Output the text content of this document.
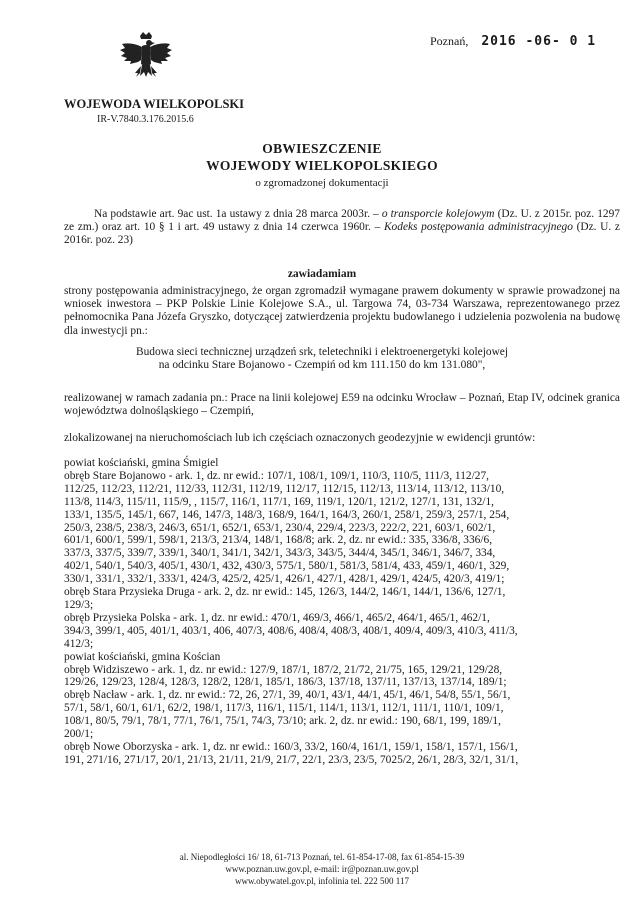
Poznań, 2016 -06- 0 1
WOJEWODA WIELKOPOLSKI
IR-V.7840.3.176.2015.6
OBWIESZCZENIE
WOJEWODY WIELKOPOLSKIEGO
o zgromadzonej dokumentacji

Na podstawie art. 9ac ust. 1a ustawy z dnia 28 marca 2003r. – o transporcie kolejowym (Dz. U. z 2015r. poz. 1297 ze zm.) oraz art. 10 § 1 i art. 49 ustawy z dnia 14 czerwca 1960r. – Kodeks postępowania administracyjnego (Dz. U. z 2016r. poz. 23)

zawiadamiam
strony postępowania administracyjnego, że organ zgromadził wymagane prawem dokumenty w sprawie prowadzonej na wniosek inwestora – PKP Polskie Linie Kolejowe S.A., ul. Targowa 74, 03-734 Warszawa, reprezentowanego przez pełnomocnika Pana Józefa Gryszko, dotyczącej zatwierdzenia projektu budowlanego i udzielenia pozwolenia na budowę dla inwestycji pn.:
Budowa sieci technicznej urządzeń srk, teletechniki i elektroenergetyki kolejowej
na odcinku Stare Bojanowo - Czempiń od km 111.150 do km 131.080",
realizowanej w ramach zadania pn.: Prace na linii kolejowej E59 na odcinku Wrocław – Poznań, Etap IV, odcinek granica województwa dolnośląskiego – Czempiń,
zlokalizowanej na nieruchomościach lub ich częściach oznaczonych geodezyjnie w ewidencji gruntów:
powiat kościański, gmina Śmigiel
obręb Stare Bojanowo - ark. 1, dz. nr ewid.: 107/1, 108/1, 109/1, 110/3, 110/5, 111/3, 112/27,
112/25, 112/23, 112/21, 112/33, 112/31, 112/19, 112/17, 112/15, 112/13, 113/14, 113/12, 113/10,
113/8, 114/3, 115/11, 115/9, , 115/7, 116/1, 117/1, 169, 119/1, 120/1, 121/2, 127/1, 131, 132/1,
133/1, 135/5, 145/1, 667, 146, 147/3, 148/3, 168/9, 164/1, 164/3, 260/1, 258/1, 259/3, 257/1, 254,
250/3, 238/5, 238/3, 246/3, 651/1, 652/1, 653/1, 230/4, 229/4, 223/3, 222/2, 221, 603/1, 602/1,
601/1, 600/1, 599/1, 598/1, 213/3, 213/4, 148/1, 168/8; ark. 2, dz. nr ewid.: 335, 336/8, 336/6,
337/3, 337/5, 339/7, 339/1, 340/1, 341/1, 342/1, 343/3, 343/5, 344/4, 345/1, 346/1, 346/7, 334,
402/1, 540/1, 540/3, 405/1, 430/1, 432, 430/3, 575/1, 580/1, 581/3, 581/4, 433, 459/1, 460/1, 329,
330/1, 331/1, 332/1, 333/1, 424/3, 425/2, 425/1, 426/1, 427/1, 428/1, 429/1, 424/5, 420/3, 419/1;
obręb Stara Przysieka Druga - ark. 2, dz. nr ewid.: 145, 126/3, 144/2, 146/1, 144/1, 136/6, 127/1,
129/3;
obręb Przysieka Polska - ark. 1, dz. nr ewid.: 470/1, 469/3, 466/1, 465/2, 464/1, 465/1, 462/1,
394/3, 399/1, 405, 401/1, 403/1, 406, 407/3, 408/6, 408/4, 408/3, 408/1, 409/4, 409/3, 410/3, 411/3,
412/3;
powiat kościański, gmina Kościan
obręb Widziszewo - ark. 1, dz. nr ewid.: 127/9, 187/1, 187/2, 21/72, 21/75, 165, 129/21, 129/28,
129/26, 129/23, 128/4, 128/3, 128/2, 128/1, 185/1, 186/3, 137/18, 137/11, 137/13, 137/14, 189/1;
obręb Nacław - ark. 1, dz. nr ewid.: 72, 26, 27/1, 39, 40/1, 43/1, 44/1, 45/1, 46/1, 54/8, 55/1, 56/1,
57/1, 58/1, 60/1, 61/1, 62/2, 198/1, 117/3, 116/1, 115/1, 114/1, 113/1, 112/1, 111/1, 110/1, 109/1,
108/1, 80/5, 79/1, 78/1, 77/1, 76/1, 75/1, 74/3, 73/10; ark. 2, dz. nr ewid.: 190, 68/1, 199, 189/1,
200/1;
obręb Nowe Oborzyska - ark. 1, dz. nr ewid.: 160/3, 33/2, 160/4, 161/1, 159/1, 158/1, 157/1, 156/1,
191, 271/16, 271/17, 20/1, 21/13, 21/11, 21/9, 21/7, 22/1, 23/3, 23/5, 7025/2, 26/1, 28/3, 32/1, 31/1,
al. Niepodległości 16/ 18, 61-713 Poznań, tel. 61-854-17-08, fax 61-854-15-39
www.poznan.uw.gov.pl, e-mail: ir@poznan.uw.gov.pl
www.obywatel.gov.pl, infolinia tel. 222 500 117
